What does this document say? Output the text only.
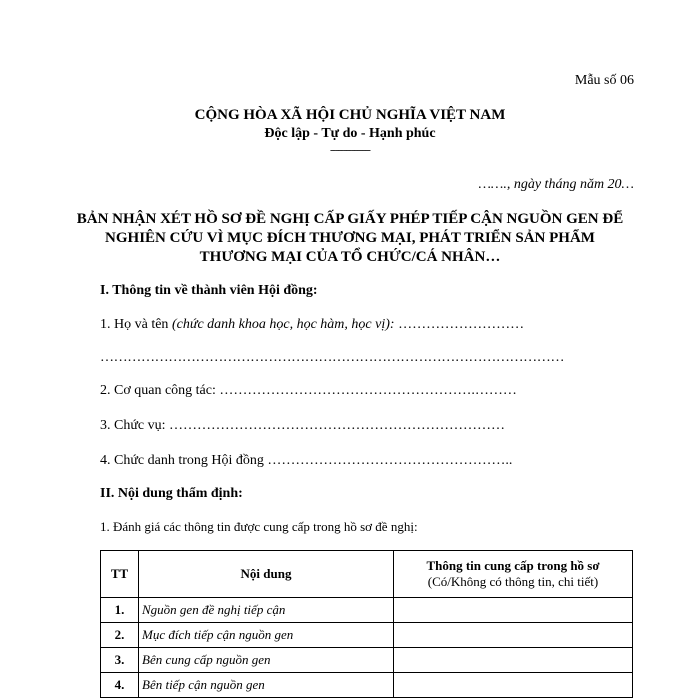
Mẫu số 06
CỘNG HÒA XÃ HỘI CHỦ NGHĨA VIỆT NAM
Độc lập - Tự do - Hạnh phúc
---------------
……., ngày tháng năm 20…
BẢN NHẬN XÉT HỒ SƠ ĐỀ NGHỊ CẤP GIẤY PHÉP TIẾP CẬN NGUỒN GEN ĐỂ NGHIÊN CỨU VÌ MỤC ĐÍCH THƯƠNG MẠI, PHÁT TRIỂN SẢN PHẨM THƯƠNG MẠI CỦA TỔ CHỨC/CÁ NHÂN…
I. Thông tin về thành viên Hội đồng:
1. Họ và tên (chức danh khoa học, học hàm, học vị): ………………………
…………………………………………………………………………………………
2. Cơ quan công tác: ……………………………………………….………
3. Chức vụ: ………………………………………………………………
4. Chức danh trong Hội đồng ……………………………………………..
II. Nội dung thẩm định:
1. Đánh giá các thông tin được cung cấp trong hồ sơ đề nghị:
TT	Nội dung	Thông tin cung cấp trong hồ sơ
(Có/Không có thông tin, chi tiết)

1.	Nguồn gen đề nghị tiếp cận	
2.	Mục đích tiếp cận nguồn gen	
3.	Bên cung cấp nguồn gen	
4.	Bên tiếp cận nguồn gen	
